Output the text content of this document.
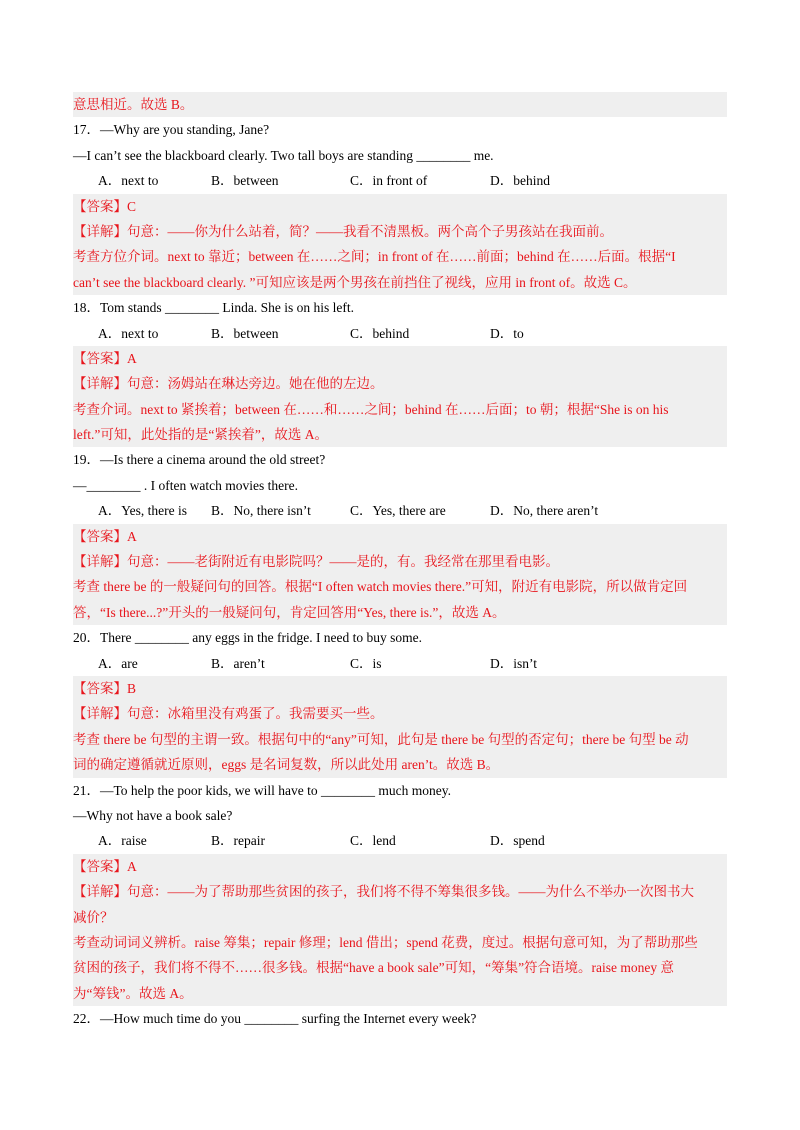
意思相近。故选 B。
17．—Why are you standing, Jane?
—I can’t see the blackboard clearly. Two tall boys are standing ________ me.
A．next to	B．between	C．in front of	D．behind
【答案】C
【详解】句意：——你为什么站着，简？——我看不清黑板。两个高个子男孩站在我面前。
考查方位介词。next to 靠近；between 在……之间；in front of 在……前面；behind 在……后面。根据“I
can’t see the blackboard clearly. ”可知应该是两个男孩在前挡住了视线，应用 in front of。故选 C。
18．Tom stands ________ Linda. She is on his left.
A．next to	B．between	C．behind	D．to
【答案】A
【详解】句意：汤姆站在琳达旁边。她在他的左边。
考查介词。next to 紧挨着；between 在……和……之间；behind 在……后面；to 朝；根据“She is on his
left.”可知，此处指的是“紧挨着”，故选 A。
19．—Is there a cinema around the old street?
—________ . I often watch movies there.
A．Yes, there is	B．No, there isn’t	C．Yes, there are	D．No, there aren’t
【答案】A
【详解】句意：——老街附近有电影院吗？——是的，有。我经常在那里看电影。
考查 there be 的一般疑问句的回答。根据“I often watch movies there.”可知，附近有电影院，所以做肯定回
答，“Is there...?”开头的一般疑问句，肯定回答用“Yes, there is.”，故选 A。
20．There ________ any eggs in the fridge. I need to buy some.
A．are	B．aren’t	C．is	D．isn’t
【答案】B
【详解】句意：冰箱里没有鸡蛋了。我需要买一些。
考查 there be 句型的主谓一致。根据句中的“any”可知，此句是 there be 句型的否定句；there be 句型 be 动
词的确定遵循就近原则，eggs 是名词复数，所以此处用 aren’t。故选 B。
21．—To help the poor kids, we will have to ________ much money.
—Why not have a book sale?
A．raise	B．repair	C．lend	D．spend
【答案】A
【详解】句意：——为了帮助那些贫困的孩子，我们将不得不筹集很多钱。——为什么不举办一次图书大
减价？
考查动词词义辨析。raise 筹集；repair 修理；lend 借出；spend 花费，度过。根据句意可知，为了帮助那些
贫困的孩子，我们将不得不……很多钱。根据“have a book sale”可知，“筹集”符合语境。raise money 意
为“筹钱”。故选 A。
22．—How much time do you ________ surfing the Internet every week?
